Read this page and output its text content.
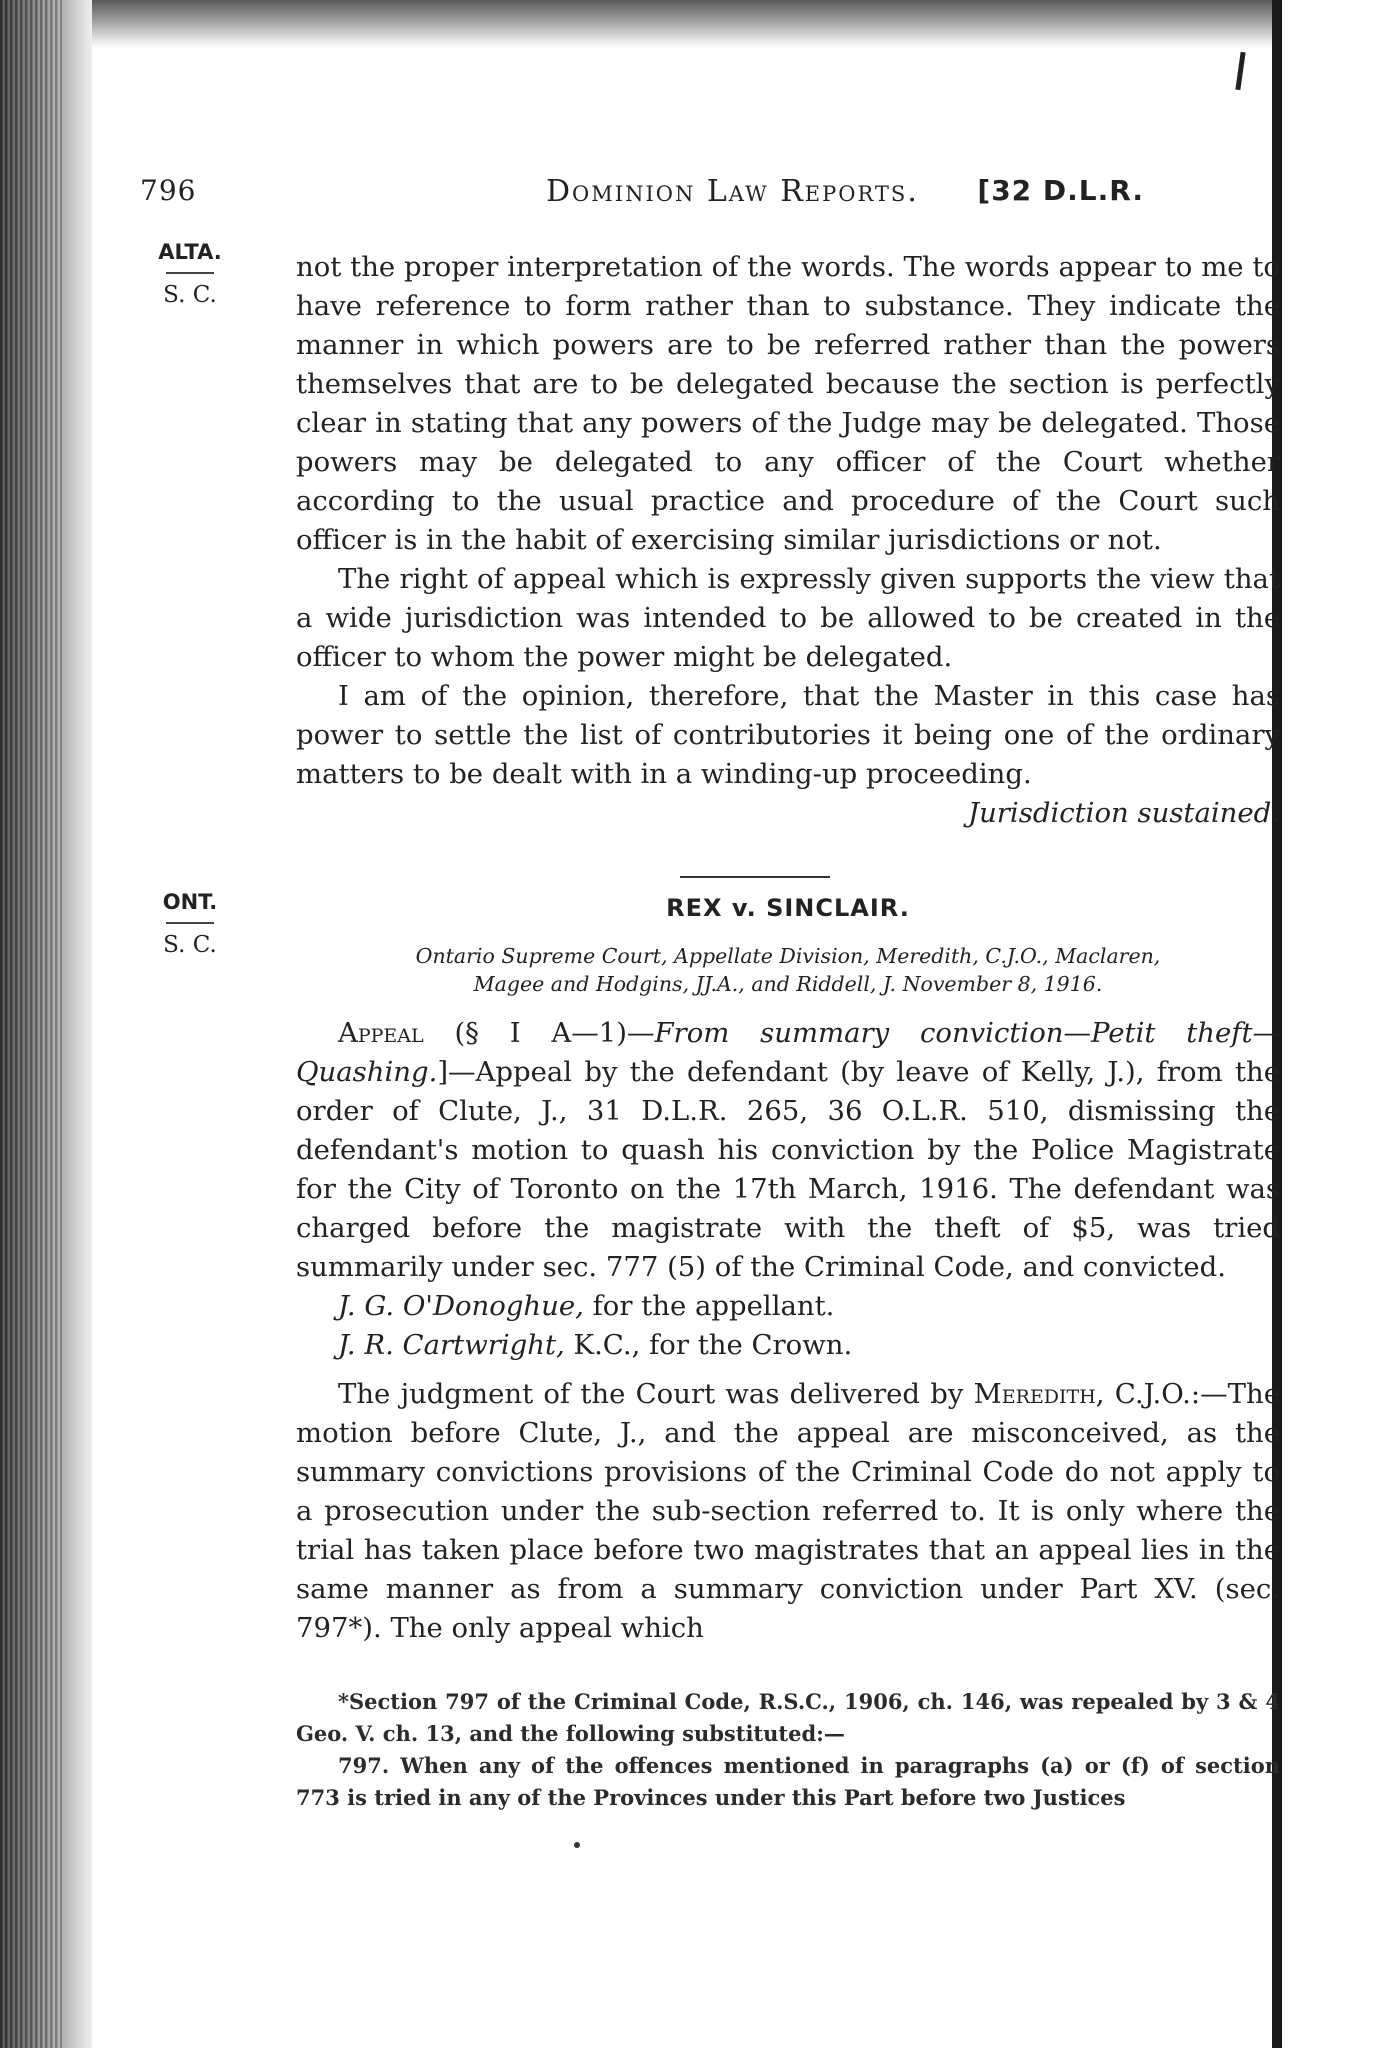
796	Dominion Law Reports. [32 D.L.R.
ALTA.
S. C.

not the proper interpretation of the words. The words appear to me to have reference to form rather than to substance. They indicate the manner in which powers are to be referred rather than the powers themselves that are to be delegated because the section is perfectly clear in stating that any powers of the Judge may be delegated. Those powers may be delegated to any officer of the Court whether according to the usual practice and procedure of the Court such officer is in the habit of exercising similar jurisdictions or not.

The right of appeal which is expressly given supports the view that a wide jurisdiction was intended to be allowed to be created in the officer to whom the power might be delegated.

I am of the opinion, therefore, that the Master in this case has power to settle the list of contributories it being one of the ordinary matters to be dealt with in a winding-up proceeding.

Jurisdiction sustained.

ONT.
S. C.
REX v. SINCLAIR.
Ontario Supreme Court, Appellate Division, Meredith, C.J.O., Maclaren,
Magee and Hodgins, JJ.A., and Riddell, J. November 8, 1916.

Appeal (§ I A—1)—From summary conviction—Petit theft—Quashing.]—Appeal by the defendant (by leave of Kelly, J.), from the order of Clute, J., 31 D.L.R. 265, 36 O.L.R. 510, dismissing the defendant's motion to quash his conviction by the Police Magistrate for the City of Toronto on the 17th March, 1916. The defendant was charged before the magistrate with the theft of $5, was tried summarily under sec. 777 (5) of the Criminal Code, and convicted.

J. G. O'Donoghue, for the appellant.

J. R. Cartwright, K.C., for the Crown.

The judgment of the Court was delivered by Meredith, C.J.O.:—The motion before Clute, J., and the appeal are misconceived, as the summary convictions provisions of the Criminal Code do not apply to a prosecution under the sub-section referred to. It is only where the trial has taken place before two magistrates that an appeal lies in the same manner as from a summary conviction under Part XV. (sec. 797*). The only appeal which

*Section 797 of the Criminal Code, R.S.C., 1906, ch. 146, was repealed by 3 & 4 Geo. V. ch. 13, and the following substituted:—

797. When any of the offences mentioned in paragraphs (a) or (f) of section 773 is tried in any of the Provinces under this Part before two Justices
